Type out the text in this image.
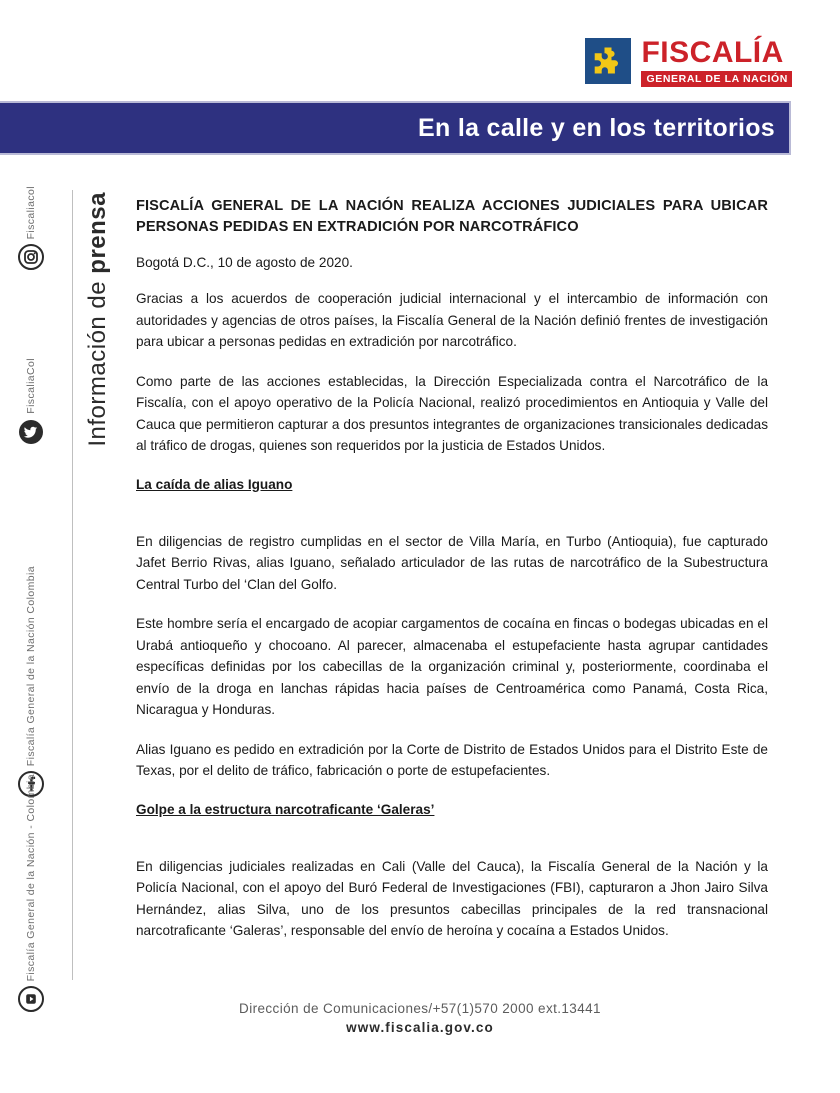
FISCALÍA
GENERAL DE LA NACIÓN
En la calle y en los territorios
Fiscaliacol
FiscaliaCol
Fiscalía General de la Nación Colombia
Fiscalía General de la Nación - Colombia
Información de prensa FISCALÍA GENERAL DE LA NACIÓN REALIZA ACCIONES JUDICIALES PARA UBICAR PERSONAS PEDIDAS EN EXTRADICIÓN POR NARCOTRÁFICO

Bogotá D.C., 10 de agosto de 2020.

Gracias a los acuerdos de cooperación judicial internacional y el intercambio de información con autoridades y agencias de otros países, la Fiscalía General de la Nación definió frentes de investigación para ubicar a personas pedidas en extradición por narcotráfico.

Como parte de las acciones establecidas, la Dirección Especializada contra el Narcotráfico de la Fiscalía, con el apoyo operativo de la Policía Nacional, realizó procedimientos en Antioquia y Valle del Cauca que permitieron capturar a dos presuntos integrantes de organizaciones transicionales dedicadas al tráfico de drogas, quienes son requeridos por la justicia de Estados Unidos.

La caída de alias Iguano

En diligencias de registro cumplidas en el sector de Villa María, en Turbo (Antioquia), fue capturado Jafet Berrio Rivas, alias Iguano, señalado articulador de las rutas de narcotráfico de la Subestructura Central Turbo del ‘Clan del Golfo.

Este hombre sería el encargado de acopiar cargamentos de cocaína en fincas o bodegas ubicadas en el Urabá antioqueño y chocoano. Al parecer, almacenaba el estupefaciente hasta agrupar cantidades específicas definidas por los cabecillas de la organización criminal y, posteriormente, coordinaba el envío de la droga en lanchas rápidas hacia países de Centroamérica como Panamá, Costa Rica, Nicaragua y Honduras.

Alias Iguano es pedido en extradición por la Corte de Distrito de Estados Unidos para el Distrito Este de Texas, por el delito de tráfico, fabricación o porte de estupefacientes.

Golpe a la estructura narcotraficante ‘Galeras’

En diligencias judiciales realizadas en Cali (Valle del Cauca), la Fiscalía General de la Nación y la Policía Nacional, con el apoyo del Buró Federal de Investigaciones (FBI), capturaron a Jhon Jairo Silva Hernández, alias Silva, uno de los presuntos cabecillas principales de la red transnacional narcotraficante ‘Galeras’, responsable del envío de heroína y cocaína a Estados Unidos.

Dirección de Comunicaciones/+57(1)570 2000 ext.13441
www.fiscalia.gov.co
